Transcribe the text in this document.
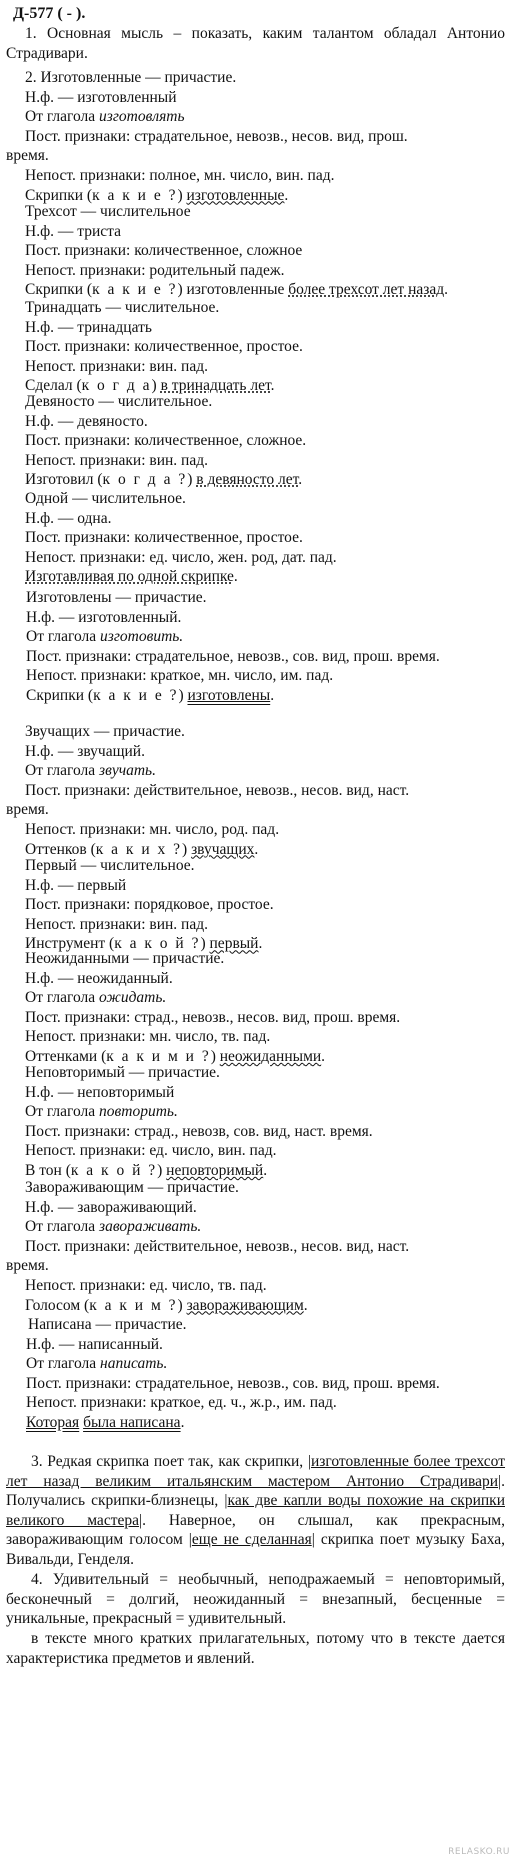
Д-577 ( - ).
1. Основная мысль – показать, каким талантом обладал Антонио Страдивари.

2. Изготовленные — причастие.

Н.ф. — изготовленный

От глагола изготовлять

Пост. признаки: страдательное, невозв., несов. вид, прош.

время.

Непост. признаки: полное, мн. число, вин. пад.

Скрипки (к а к и е ?) изготовленные.

Трехсот — числительное

Н.ф. — триста

Пост. признаки: количественное, сложное

Непост. признаки: родительный падеж.

Скрипки (к а к и е ?) изготовленные более трехсот лет назад.

Тринадцать — числительное.

Н.ф. — тринадцать

Пост. признаки: количественное, простое.

Непост. признаки: вин. пад.

Сделал (к о г д а) в тринадцать лет.

Девяносто — числительное.

Н.ф. — девяносто.

Пост. признаки: количественное, сложное.

Непост. признаки: вин. пад.

Изготовил (к о г д а ?) в девяносто лет.

Одной — числительное.

Н.ф. — одна.

Пост. признаки: количественное, простое.

Непост. признаки: ед. число, жен. род, дат. пад.

Изготавливая по одной скрипке.

Изготовлены — причастие.

Н.ф. — изготовленный.

От глагола изготовить.

Пост. признаки: страдательное, невозв., сов. вид, прош. время.

Непост. признаки: краткое, мн. число, им. пад.

Скрипки (к а к и е ?) изготовлены.

Звучащих — причастие.

Н.ф. — звучащий.

От глагола звучать.

Пост. признаки: действительное, невозв., несов. вид, наст.

время.

Непост. признаки: мн. число, род. пад.

Оттенков (к а к и х ?) звучащих.

Первый — числительное.

Н.ф. — первый

Пост. признаки: порядковое, простое.

Непост. признаки: вин. пад.

Инструмент (к а к о й ?) первый.

Неожиданными — причастие.

Н.ф. — неожиданный.

От глагола ожидать.

Пост. признаки: страд., невозв., несов. вид, прош. время.

Непост. признаки: мн. число, тв. пад.

Оттенками (к а к и м и ?) неожиданными.

Неповторимый — причастие.

Н.ф. — неповторимый

От глагола повторить.

Пост. признаки: страд., невозв, сов. вид, наст. время.

Непост. признаки: ед. число, вин. пад.

В тон (к а к о й ?) неповторимый.

Завораживающим — причастие.

Н.ф. — завораживающий.

От глагола завораживать.

Пост. признаки: действительное, невозв., несов. вид, наст.

время.

Непост. признаки: ед. число, тв. пад.

Голосом (к а к и м ?) завораживающим.

Написана — причастие.

Н.ф. — написанный.

От глагола написать.

Пост. признаки: страдательное, невозв., сов. вид, прош. время.

Непост. признаки: краткое, ед. ч., ж.р., им. пад.

Которая была написана.

3. Редкая скрипка поет так, как скрипки, |изготовленные более трехсот лет назад великим итальянским мастером Антонио Страдивари|. Получались скрипки-близнецы, |как две капли воды похожие на скрипки великого мастера|. Наверное, он слышал, как прекрасным, завораживающим голосом |еще не сделанная| скрипка поет музыку Баха, Вивальди, Генделя.
4. Удивительный = необычный, неподражаемый = неповторимый, бесконечный = долгий, неожиданный = внезапный, бесценные = уникальные, прекрасный = удивительный.
в тексте много кратких прилагательных, потому что в тексте дается характеристика предметов и явлений.
RELASKO.RU
